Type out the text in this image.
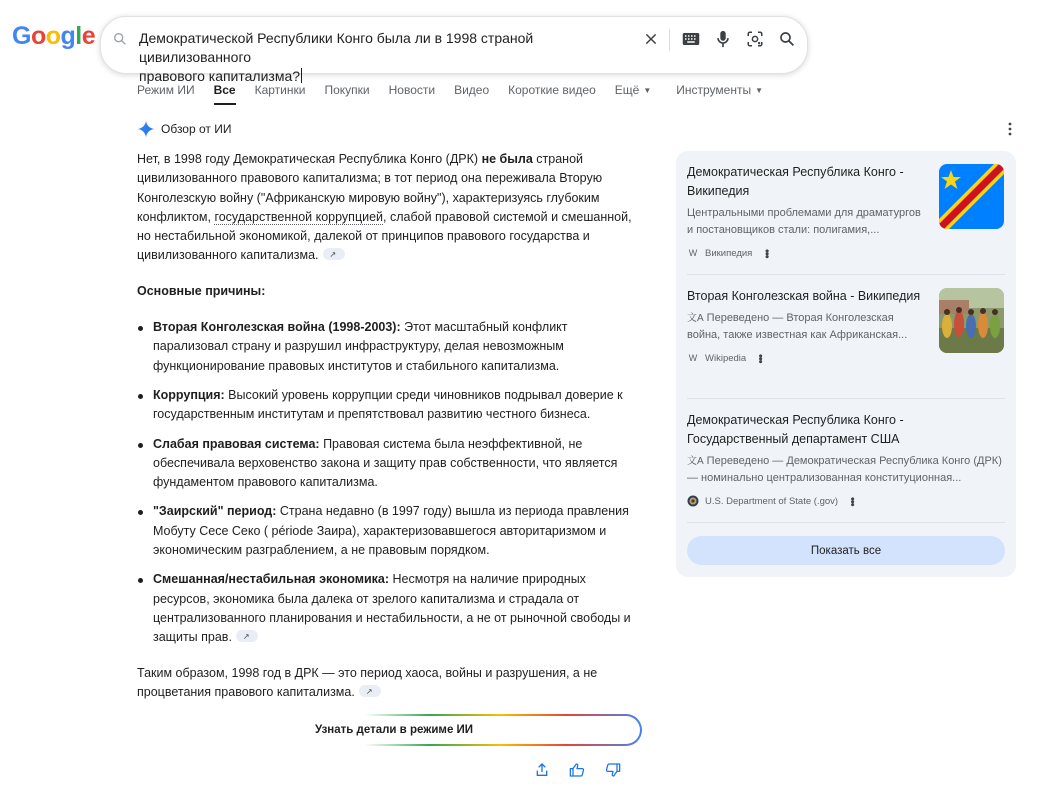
Google	Демократической Республики Конго была ли в 1998 страной цивилизованного
правового капитализма?
Режим ИИ Все Картинки Покупки Новости Видео Короткие видео Ещё ▼ Инструменты ▼
Обзор от ИИ

Нет, в 1998 году Демократическая Республика Конго (ДРК) не была страной цивилизованного правового капитализма; в тот период она переживала Вторую Конголезскую войну ("Африканскую мировую войну"), характеризуясь глубоким конфликтом, государственной коррупцией, слабой правовой системой и смешанной, но нестабильной экономикой, далекой от принципов правового государства и цивилизованного капитализма.↗

Основные причины:
Вторая Конголезская война (1998-2003): Этот масштабный конфликт парализовал страну и разрушил инфраструктуру, делая невозможным функционирование правовых институтов и стабильного капитализма.
Коррупция: Высокий уровень коррупции среди чиновников подрывал доверие к государственным институтам и препятствовал развитию честного бизнеса.
Слабая правовая система: Правовая система была неэффективной, не обеспечивала верховенство закона и защиту прав собственности, что является фундаментом правового капитализма.
"Заирский" период: Страна недавно (в 1997 году) вышла из периода правления Мобуту Сесе Секо ( période Заира), характеризовавшегося авторитаризмом и экономическим разграблением, а не правовым порядком.
Смешанная/нестабильная экономика: Несмотря на наличие природных ресурсов, экономика была далека от зрелого капитализма и страдала от централизованного планирования и нестабильности, а не от рыночной свободы и защиты прав.↗

Таким образом, 1998 год в ДРК — это период хаоса, войны и разрушения, а не процветания правового капитализма.↗

Узнать детали в режиме ИИ
Демократическая Республика Конго - Википедия
Центральными проблемами для драматургов и постановщиков стали: полигамия,...
W Википедия •••
Вторая Конголезская война - Википедия
文A Переведено — Вторая Конголезская война, также известная как Африканская...
W Wikipedia •••
Демократическая Республика Конго - Государственный департамент США
文A Переведено — Демократическая Республика Конго (ДРК) — номинально централизованная конституционная...
U.S. Department of State (.gov) •••
Показать все
